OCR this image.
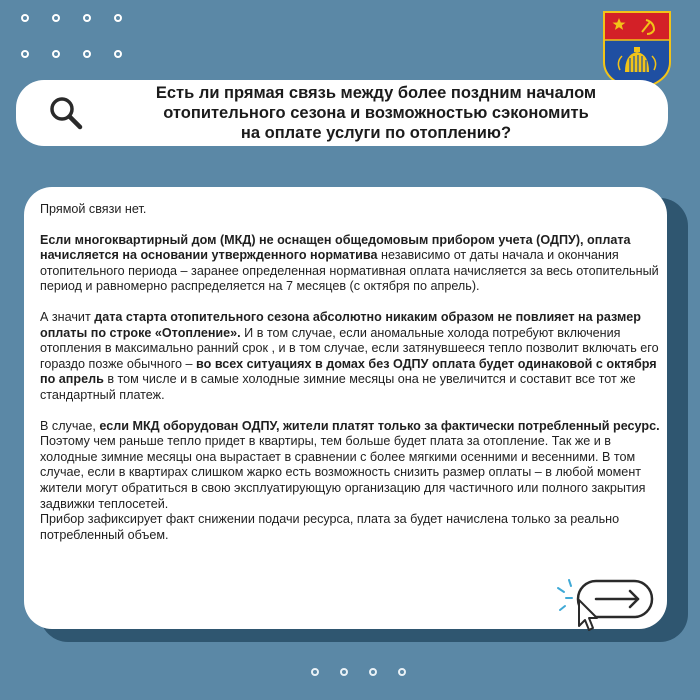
Есть ли прямая связь между более поздним началом
отопительного сезона и возможностью сэкономить
на оплате услуги по отоплению?

Прямой связи нет.

Если многоквартирный дом (МКД) не оснащен общедомовым прибором учета (ОДПУ), оплата начисляется на основании утвержденного норматива независимо от даты начала и окончания отопительного периода – заранее определенная нормативная оплата начисляется за весь отопительный период и равномерно распределяется на 7 месяцев (с октября по апрель).

А значит дата старта отопительного сезона абсолютно никаким образом не повлияет на размер оплаты по строке «Отопление». И в том случае, если аномальные холода потребуют включения отопления в максимально ранний срок , и в том случае, если затянувшееся тепло позволит включать его гораздо позже обычного – во всех ситуациях в домах без ОДПУ оплата будет одинаковой с октября по апрель в том числе и в самые холодные зимние месяцы она не увеличится и составит все тот же стандартный платеж.

В случае, если МКД оборудован ОДПУ, жители платят только за фактически потребленный ресурс. Поэтому чем раньше тепло придет в квартиры, тем больше будет плата за отопление. Так же и в холодные зимние месяцы она вырастает в сравнении с более мягкими осенними и весенними. В том случае, если в квартирах слишком жарко есть возможность снизить размер оплаты – в любой момент жители могут обратиться в свою эксплуатирующую организацию для частичного или полного закрытия задвижки теплосетей.

Прибор зафиксирует факт снижении подачи ресурса, плата за будет начислена только за реально потребленный объем.
